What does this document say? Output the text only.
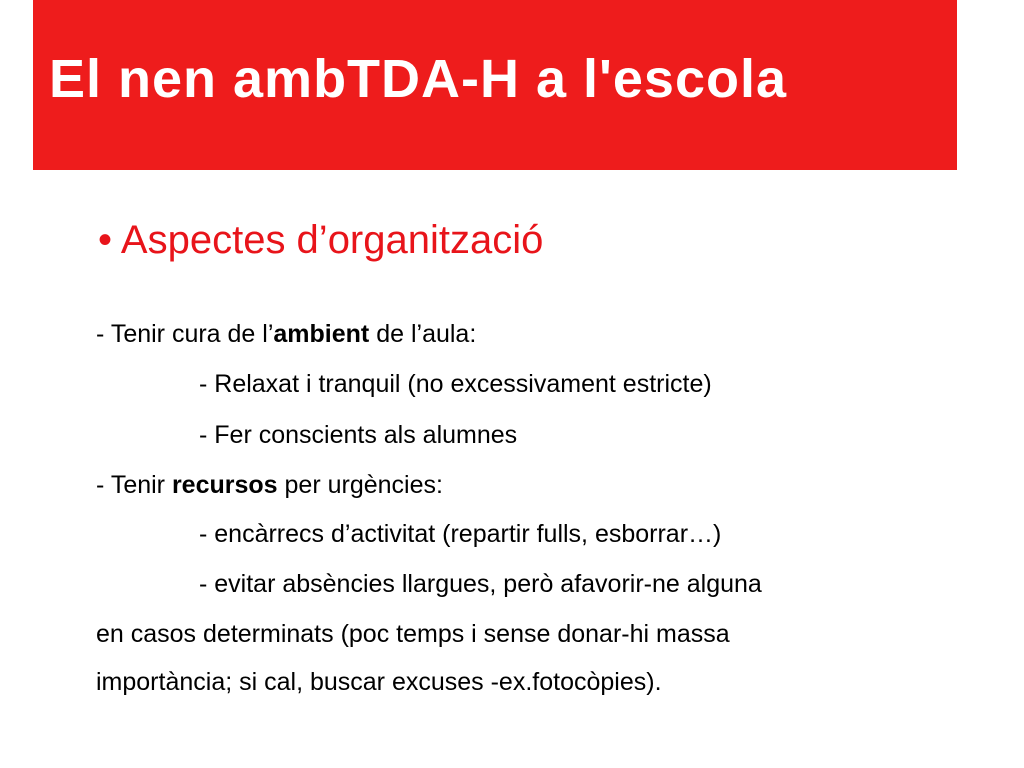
El nen ambTDA-H a l'escola
• Aspectes d’organització
- Tenir cura de l’ambient de l’aula:
- Relaxat i tranquil (no excessivament estricte)
- Fer conscients als alumnes
- Tenir recursos per urgències:
- encàrrecs d’activitat (repartir fulls, esborrar…)
- evitar absències llargues, però afavorir-ne alguna
en casos determinats (poc temps i sense donar-hi massa
importància; si cal, buscar excuses -ex.fotocòpies).
